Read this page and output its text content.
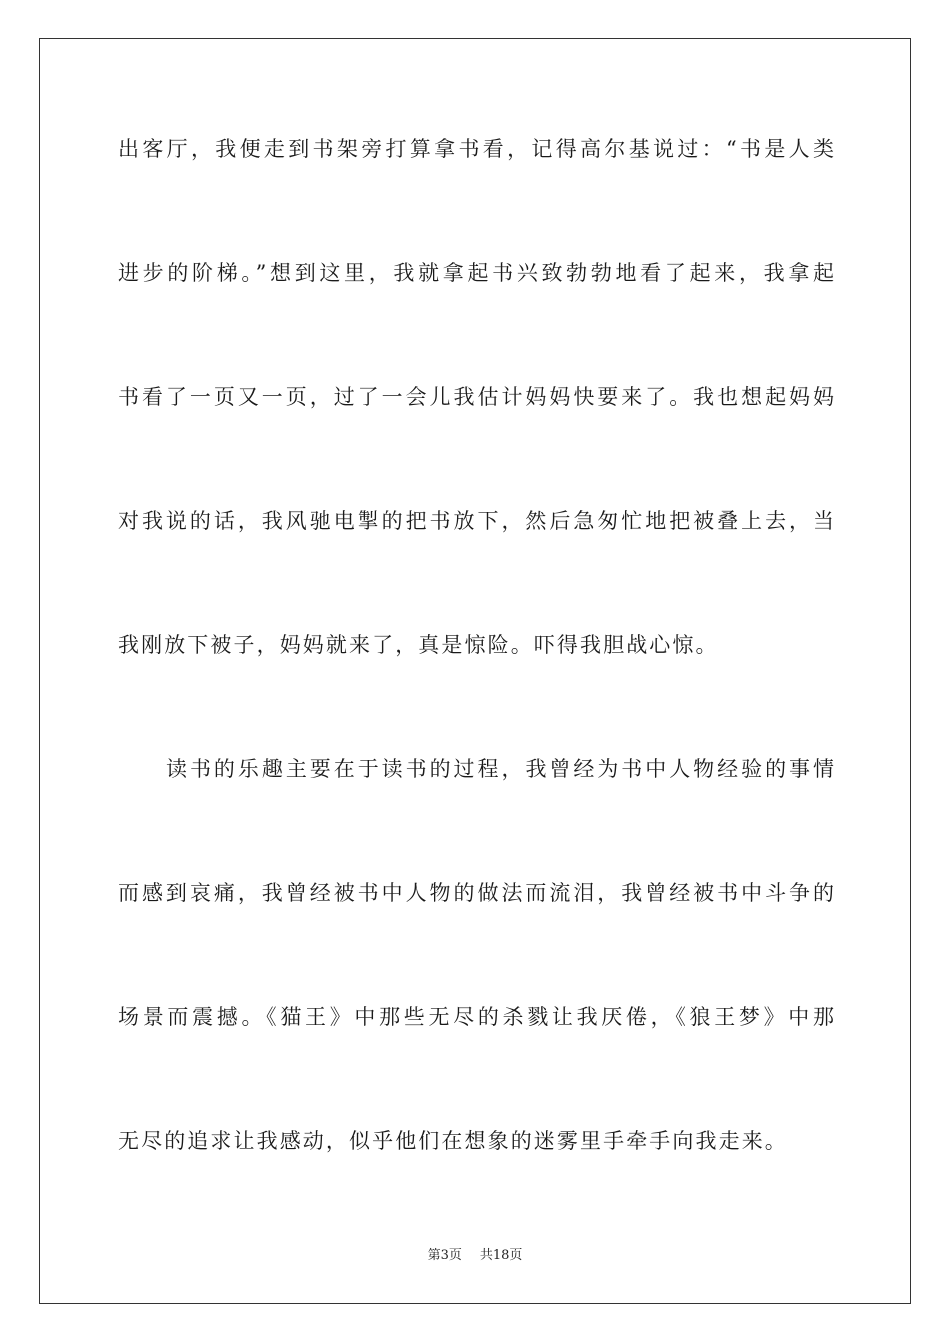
出客厅，我便走到书架旁打算拿书看，记得高尔基说过：“书是人类
进步的阶梯。”想到这里，我就拿起书兴致勃勃地看了起来，我拿起
书看了一页又一页，过了一会儿我估计妈妈快要来了。我也想起妈妈
对我说的话，我风驰电掣的把书放下，然后急匆忙地把被叠上去，当
我刚放下被子，妈妈就来了，真是惊险。吓得我胆战心惊。
读书的乐趣主要在于读书的过程，我曾经为书中人物经验的事情
而感到哀痛，我曾经被书中人物的做法而流泪，我曾经被书中斗争的
场景而震撼。《猫王》中那些无尽的杀戮让我厌倦，《狼王梦》中那
无尽的追求让我感动，似乎他们在想象的迷雾里手牵手向我走来。
第3页 共18页
